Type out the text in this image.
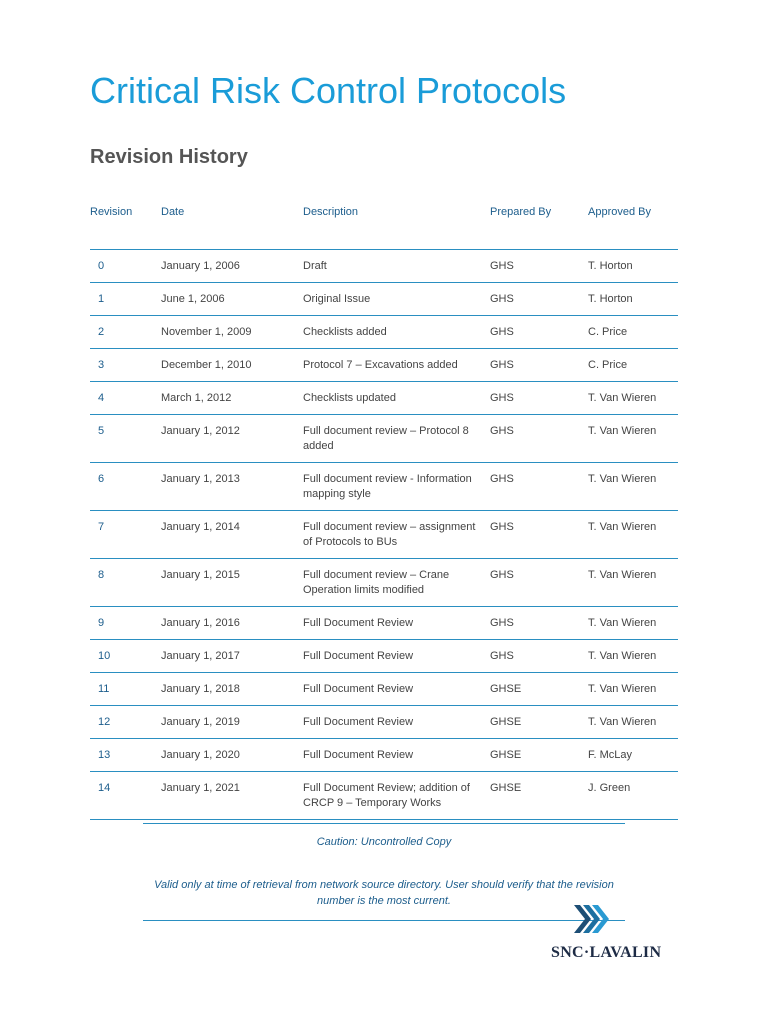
Critical Risk Control Protocols
Revision History
Revision	Date	Description	Prepared By	Approved By
0	January 1, 2006	Draft	GHS	T. Horton
1	June 1, 2006	Original Issue	GHS	T. Horton
2	November 1, 2009	Checklists added	GHS	C. Price
3	December 1, 2010	Protocol 7 – Excavations added	GHS	C. Price
4	March 1, 2012	Checklists updated	GHS	T. Van Wieren
5	January 1, 2012	Full document review – Protocol 8 added	GHS	T. Van Wieren
6	January 1, 2013	Full document review - Information mapping style	GHS	T. Van Wieren
7	January 1, 2014	Full document review – assignment of Protocols to BUs	GHS	T. Van Wieren
8	January 1, 2015	Full document review – Crane Operation limits modified	GHS	T. Van Wieren
9	January 1, 2016	Full Document Review	GHS	T. Van Wieren
10	January 1, 2017	Full Document Review	GHS	T. Van Wieren
11	January 1, 2018	Full Document Review	GHSE	T. Van Wieren
12	January 1, 2019	Full Document Review	GHSE	T. Van Wieren
13	January 1, 2020	Full Document Review	GHSE	F. McLay
14	January 1, 2021	Full Document Review; addition of CRCP 9 – Temporary Works	GHSE	J. Green
Caution: Uncontrolled Copy
Valid only at time of retrieval from network source directory. User should verify that the revision
number is the most current.
SNC·LAVALIN
